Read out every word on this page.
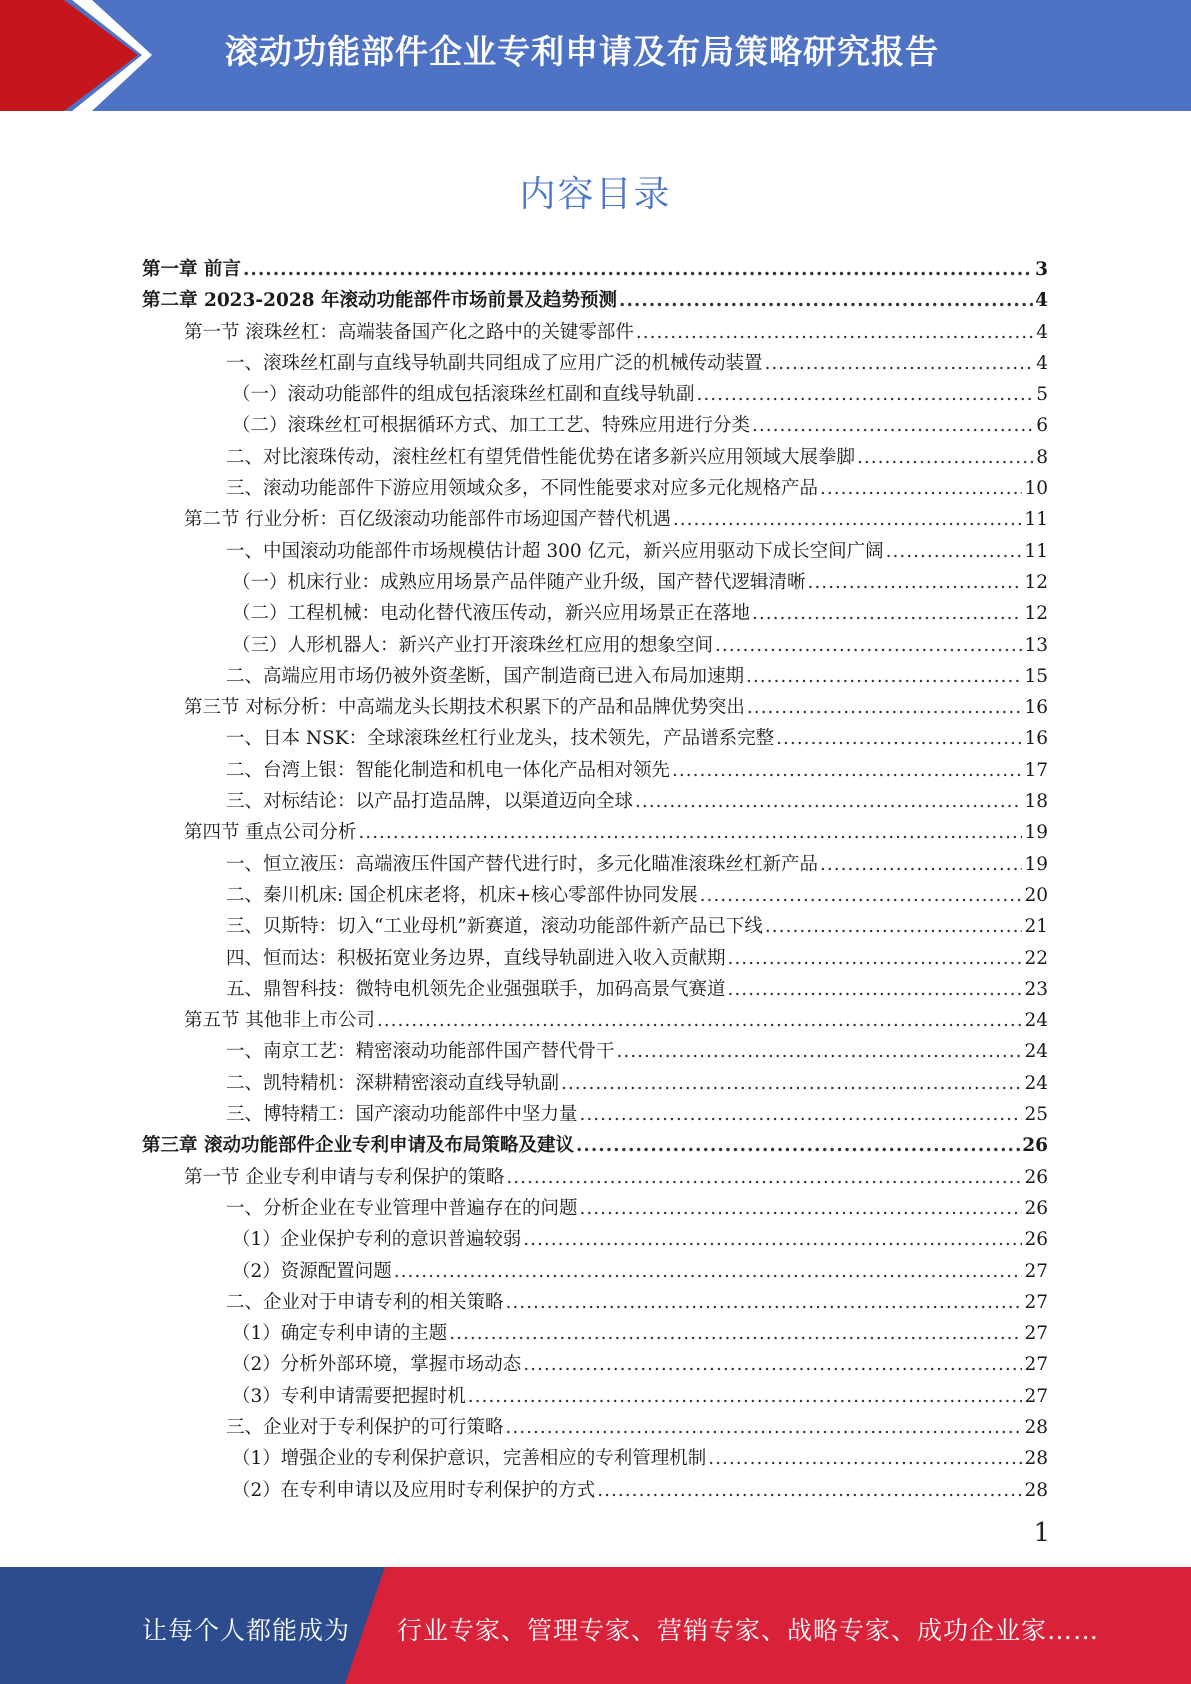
滚动功能部件企业专利申请及布局策略研究报告
内容目录
第一章 前言 .....	3
第二章 2023-2028 年滚动功能部件市场前景及趋势预测 .....	4
第一节 滚珠丝杠：高端装备国产化之路中的关键零部件 .....	4
一、滚珠丝杠副与直线导轨副共同组成了应用广泛的机械传动装置 .....	4
（一）滚动功能部件的组成包括滚珠丝杠副和直线导轨副 .....	5
（二）滚珠丝杠可根据循环方式、加工工艺、特殊应用进行分类 .....	6
二、对比滚珠传动，滚柱丝杠有望凭借性能优势在诸多新兴应用领域大展拳脚 .....	8
三、滚动功能部件下游应用领域众多，不同性能要求对应多元化规格产品 .....	10
第二节 行业分析：百亿级滚动功能部件市场迎国产替代机遇 .....	11
一、中国滚动功能部件市场规模估计超 300 亿元，新兴应用驱动下成长空间广阔 .....	11
（一）机床行业：成熟应用场景产品伴随产业升级，国产替代逻辑清晰 .....	12
（二）工程机械：电动化替代液压传动，新兴应用场景正在落地 .....	12
（三）人形机器人：新兴产业打开滚珠丝杠应用的想象空间 .....	13
二、高端应用市场仍被外资垄断，国产制造商已进入布局加速期 .....	15
第三节 对标分析：中高端龙头长期技术积累下的产品和品牌优势突出 .....	16
一、日本 NSK：全球滚珠丝杠行业龙头，技术领先，产品谱系完整 .....	16
二、台湾上银：智能化制造和机电一体化产品相对领先 .....	17
三、对标结论：以产品打造品牌，以渠道迈向全球 .....	18
第四节 重点公司分析 .....	19
一、恒立液压：高端液压件国产替代进行时，多元化瞄准滚珠丝杠新产品 .....	19
二、秦川机床: 国企机床老将，机床+核心零部件协同发展 .....	20
三、贝斯特：切入“工业母机”新赛道，滚动功能部件新产品已下线 .....	21
四、恒而达：积极拓宽业务边界，直线导轨副进入收入贡献期 .....	22
五、鼎智科技：微特电机领先企业强强联手，加码高景气赛道 .....	23
第五节 其他非上市公司 .....	24
一、南京工艺：精密滚动功能部件国产替代骨干 .....	24
二、凯特精机：深耕精密滚动直线导轨副 .....	24
三、博特精工：国产滚动功能部件中坚力量 .....	25
第三章 滚动功能部件企业专利申请及布局策略及建议 .....	26
第一节 企业专利申请与专利保护的策略 .....	26
一、分析企业在专业管理中普遍存在的问题 .....	26
（1）企业保护专利的意识普遍较弱 .....	26
（2）资源配置问题 .....	27
二、企业对于申请专利的相关策略 .....	27
（1）确定专利申请的主题 .....	27
（2）分析外部环境，掌握市场动态 .....	27
（3）专利申请需要把握时机 .....	27
三、企业对于专利保护的可行策略 .....	28
（1）增强企业的专利保护意识，完善相应的专利管理机制 .....	28
（2）在专利申请以及应用时专利保护的方式 .....	28
1
让每个人都能成为 行业专家、管理专家、营销专家、战略专家、成功企业家……
